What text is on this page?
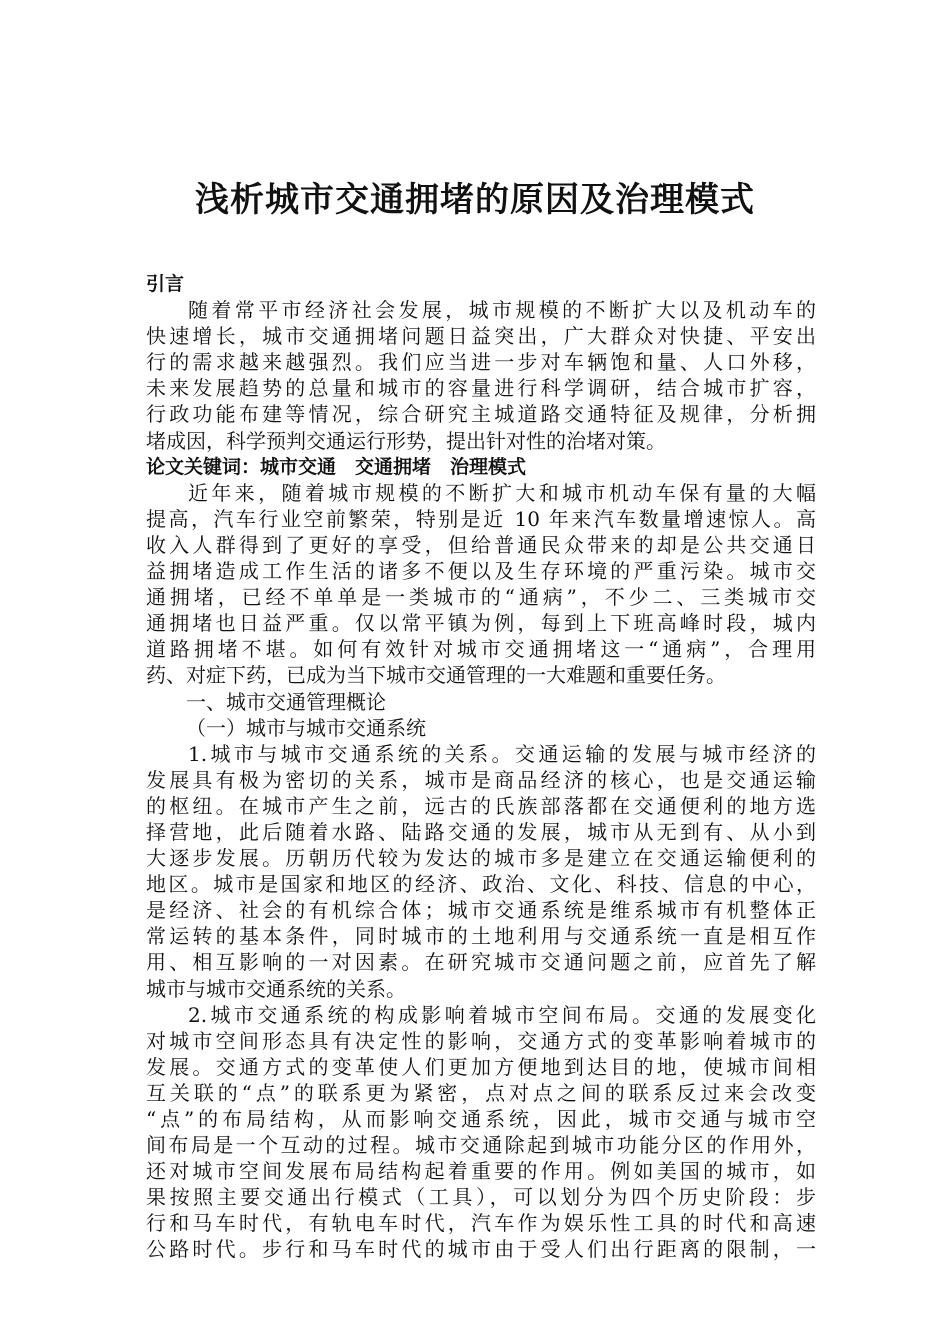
浅析城市交通拥堵的原因及治理模式
引言
随着常平市经济社会发展，城市规模的不断扩大以及机动车的
快速增长，城市交通拥堵问题日益突出，广大群众对快捷、平安出
行的需求越来越强烈。我们应当进一步对车辆饱和量、人口外移，
未来发展趋势的总量和城市的容量进行科学调研，结合城市扩容，
行政功能布建等情况，综合研究主城道路交通特征及规律，分析拥
堵成因，科学预判交通运行形势，提出针对性的治堵对策。
论文关键词：城市交通　交通拥堵　治理模式
近年来，随着城市规模的不断扩大和城市机动车保有量的大幅
提高，汽车行业空前繁荣，特别是近 10 年来汽车数量增速惊人。高
收入人群得到了更好的享受，但给普通民众带来的却是公共交通日
益拥堵造成工作生活的诸多不便以及生存环境的严重污染。城市交
通拥堵，已经不单单是一类城市的“通病”，不少二、三类城市交
通拥堵也日益严重。仅以常平镇为例，每到上下班高峰时段，城内
道路拥堵不堪。如何有效针对城市交通拥堵这一“通病”，合理用
药、对症下药，已成为当下城市交通管理的一大难题和重要任务。
一、城市交通管理概论
（一）城市与城市交通系统
1.城市与城市交通系统的关系。交通运输的发展与城市经济的
发展具有极为密切的关系，城市是商品经济的核心，也是交通运输
的枢纽。在城市产生之前，远古的氏族部落都在交通便利的地方选
择营地，此后随着水路、陆路交通的发展，城市从无到有、从小到
大逐步发展。历朝历代较为发达的城市多是建立在交通运输便利的
地区。城市是国家和地区的经济、政治、文化、科技、信息的中心，
是经济、社会的有机综合体；城市交通系统是维系城市有机整体正
常运转的基本条件，同时城市的土地利用与交通系统一直是相互作
用、相互影响的一对因素。在研究城市交通问题之前，应首先了解
城市与城市交通系统的关系。
2.城市交通系统的构成影响着城市空间布局。交通的发展变化
对城市空间形态具有决定性的影响，交通方式的变革影响着城市的
发展。交通方式的变革使人们更加方便地到达目的地，使城市间相
互关联的“点”的联系更为紧密，点对点之间的联系反过来会改变
“点”的布局结构，从而影响交通系统，因此，城市交通与城市空
间布局是一个互动的过程。城市交通除起到城市功能分区的作用外，
还对城市空间发展布局结构起着重要的作用。例如美国的城市，如
果按照主要交通出行模式（工具），可以划分为四个历史阶段：步
行和马车时代，有轨电车时代，汽车作为娱乐性工具的时代和高速
公路时代。步行和马车时代的城市由于受人们出行距离的限制，一
